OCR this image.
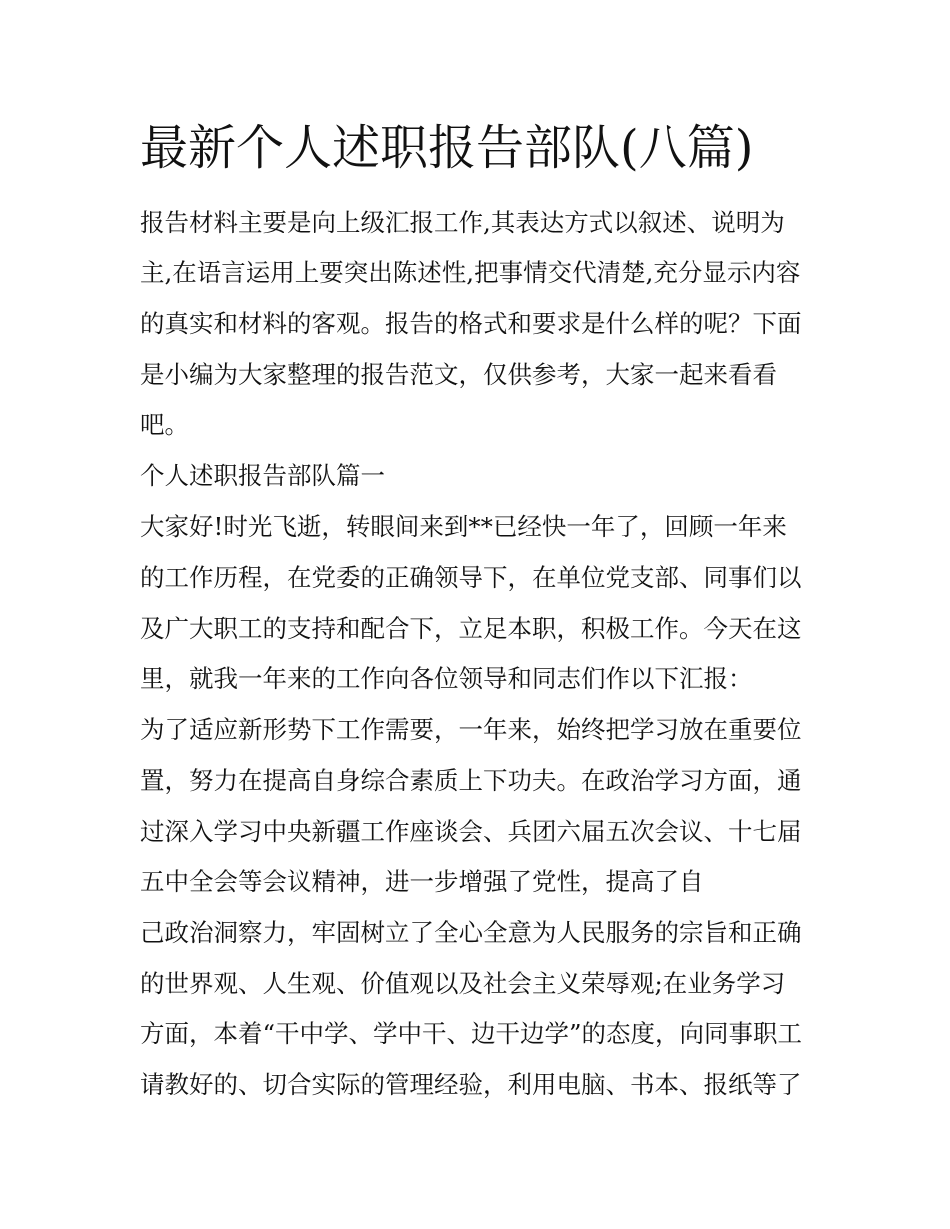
最新个人述职报告部队(八篇)

报告材料主要是向上级汇报工作,其表达方式以叙述、说明为

主,在语言运用上要突出陈述性,把事情交代清楚,充分显示内容

的真实和材料的客观。报告的格式和要求是什么样的呢？下面

是小编为大家整理的报告范文，仅供参考，大家一起来看看

吧。

个人述职报告部队篇一

大家好!时光飞逝，转眼间来到**已经快一年了，回顾一年来

的工作历程，在党委的正确领导下，在单位党支部、同事们以

及广大职工的支持和配合下，立足本职，积极工作。今天在这

里，就我一年来的工作向各位领导和同志们作以下汇报：

为了适应新形势下工作需要，一年来，始终把学习放在重要位

置，努力在提高自身综合素质上下功夫。在政治学习方面，通

过深入学习中央新疆工作座谈会、兵团六届五次会议、十七届

五中全会等会议精神，进一步增强了党性，提高了自

己政治洞察力，牢固树立了全心全意为人民服务的宗旨和正确

的世界观、人生观、价值观以及社会主义荣辱观;在业务学习

方面，本着“干中学、学中干、边干边学”的态度，向同事职工

请教好的、切合实际的管理经验，利用电脑、书本、报纸等了
